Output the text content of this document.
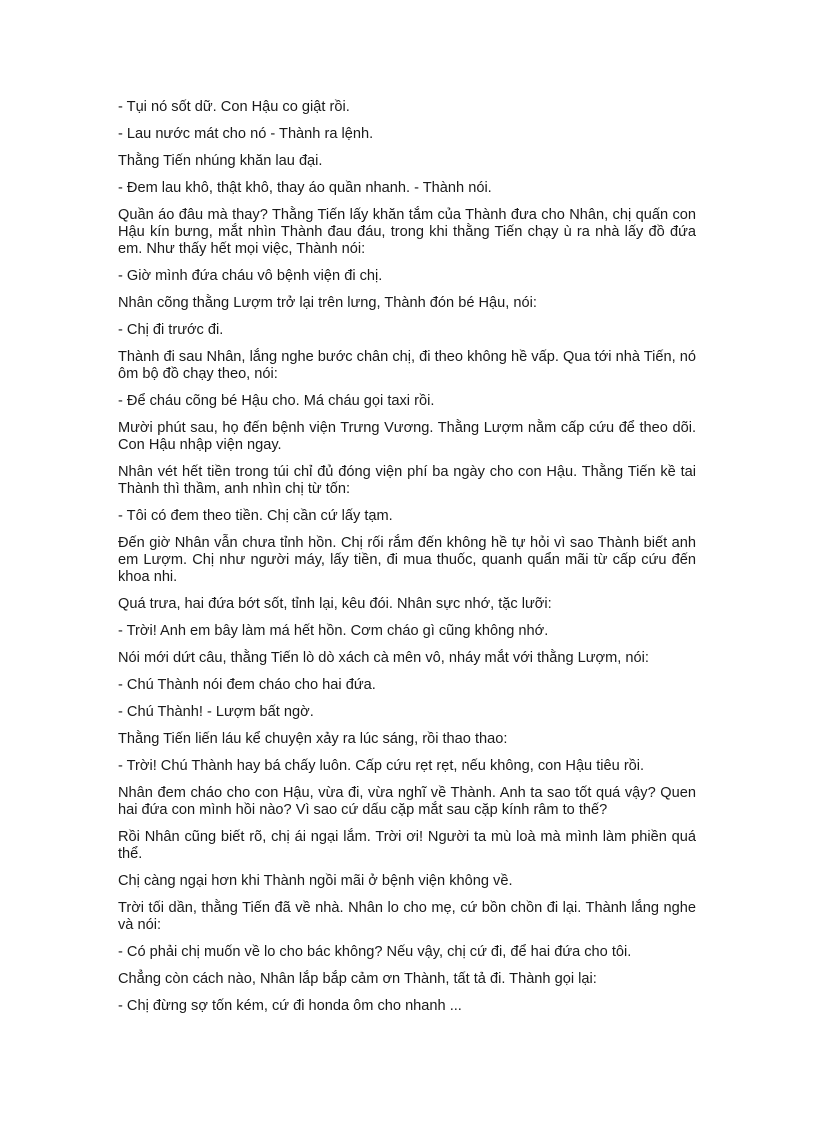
- Tụi nó sốt dữ. Con Hậu co giật rồi.

- Lau nước mát cho nó - Thành ra lệnh.

Thằng Tiến nhúng khăn lau đại.

- Đem lau khô, thật khô, thay áo quần nhanh. - Thành nói.

Quần áo đâu mà thay? Thằng Tiến lấy khăn tắm của Thành đưa cho Nhân, chị quấn con Hậu kín bưng, mắt nhìn Thành đau đáu, trong khi thằng Tiến chạy ù ra nhà lấy đồ đứa em. Như thấy hết mọi việc, Thành nói:

- Giờ mình đứa cháu vô bệnh viện đi chị.

Nhân cõng thằng Lượm trở lại trên lưng, Thành đón bé Hậu, nói:

- Chị đi trước đi.

Thành đi sau Nhân, lắng nghe bước chân chị, đi theo không hề vấp. Qua tới nhà Tiến, nó ôm bộ đồ chạy theo, nói:

- Để cháu cõng bé Hậu cho. Má cháu gọi taxi rồi.

Mười phút sau, họ đến bệnh viện Trưng Vương. Thằng Lượm nằm cấp cứu để theo dõi. Con Hậu nhập viện ngay.

Nhân vét hết tiền trong túi chỉ đủ đóng viện phí ba ngày cho con Hậu. Thằng Tiến kề tai Thành thì thầm, anh nhìn chị từ tốn:

- Tôi có đem theo tiền. Chị cần cứ lấy tạm.

Đến giờ Nhân vẫn chưa tỉnh hồn. Chị rối rắm đến không hề tự hỏi vì sao Thành biết anh em Lượm. Chị như người máy, lấy tiền, đi mua thuốc, quanh quẩn mãi từ cấp cứu đến khoa nhi.

Quá trưa, hai đứa bớt sốt, tỉnh lại, kêu đói. Nhân sực nhớ, tặc lưỡi:

- Trời! Anh em bây làm má hết hồn. Cơm cháo gì cũng không nhớ.

Nói mới dứt câu, thằng Tiến lò dò xách cà mên vô, nháy mắt với thằng Lượm, nói:

- Chú Thành nói đem cháo cho hai đứa.

- Chú Thành! - Lượm bất ngờ.

Thằng Tiến liến láu kể chuyện xảy ra lúc sáng, rồi thao thao:

- Trời! Chú Thành hay bá chấy luôn. Cấp cứu rẹt rẹt, nếu không, con Hậu tiêu rồi.

Nhân đem cháo cho con Hậu, vừa đi, vừa nghĩ về Thành. Anh ta sao tốt quá vậy? Quen hai đứa con mình hồi nào? Vì sao cứ dấu cặp mắt sau cặp kính râm to thế?

Rồi Nhân cũng biết rõ, chị ái ngại lắm. Trời ơi! Người ta mù loà mà mình làm phiền quá thể.

Chị càng ngại hơn khi Thành ngồi mãi ở bệnh viện không về.

Trời tối dần, thằng Tiến đã về nhà. Nhân lo cho mẹ, cứ bồn chồn đi lại. Thành lắng nghe và nói:

- Có phải chị muốn về lo cho bác không? Nếu vậy, chị cứ đi, để hai đứa cho tôi.

Chẳng còn cách nào, Nhân lắp bắp cảm ơn Thành, tất tả đi. Thành gọi lại:

- Chị đừng sợ tốn kém, cứ đi honda ôm cho nhanh ...
